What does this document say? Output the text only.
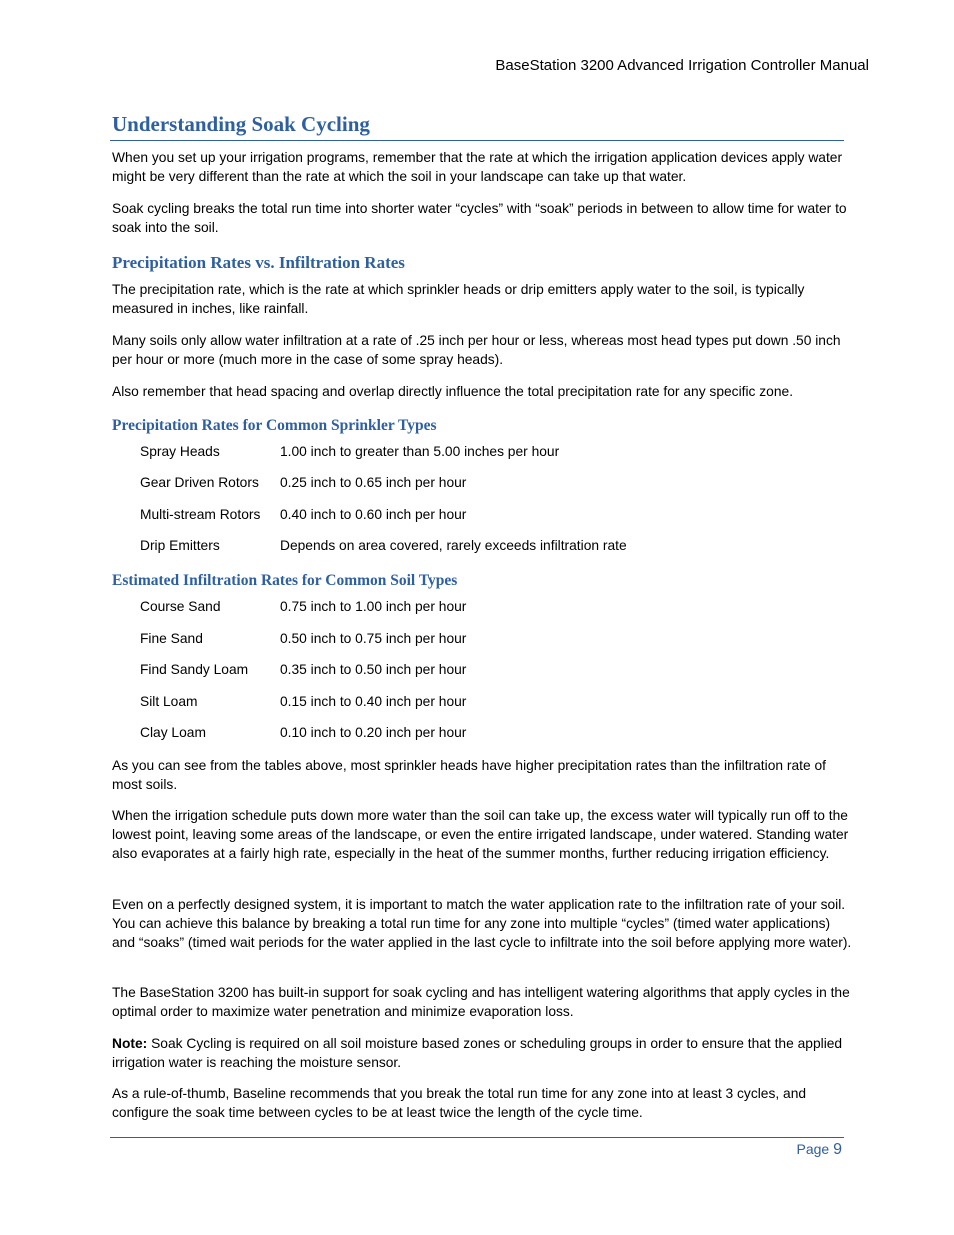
BaseStation 3200 Advanced Irrigation Controller Manual
Understanding Soak Cycling
When you set up your irrigation programs, remember that the rate at which the irrigation application devices apply water might be very different than the rate at which the soil in your landscape can take up that water.
Soak cycling breaks the total run time into shorter water “cycles” with “soak” periods in between to allow time for water to soak into the soil.
Precipitation Rates vs. Infiltration Rates
The precipitation rate, which is the rate at which sprinkler heads or drip emitters apply water to the soil, is typically measured in inches, like rainfall.
Many soils only allow water infiltration at a rate of .25 inch per hour or less, whereas most head types put down .50 inch per hour or more (much more in the case of some spray heads).
Also remember that head spacing and overlap directly influence the total precipitation rate for any specific zone.
Precipitation Rates for Common Sprinkler Types
Spray Heads	1.00 inch to greater than 5.00 inches per hour
Gear Driven Rotors 0.25 inch to 0.65 inch per hour
Multi-stream Rotors 0.40 inch to 0.60 inch per hour
Drip Emitters	Depends on area covered, rarely exceeds infiltration rate
Estimated Infiltration Rates for Common Soil Types
Course Sand	0.75 inch to 1.00 inch per hour
Fine Sand	0.50 inch to 0.75 inch per hour
Find Sandy Loam 0.35 inch to 0.50 inch per hour
Silt Loam	0.15 inch to 0.40 inch per hour
Clay Loam	0.10 inch to 0.20 inch per hour
As you can see from the tables above, most sprinkler heads have higher precipitation rates than the infiltration rate of most soils.
When the irrigation schedule puts down more water than the soil can take up, the excess water will typically run off to the lowest point, leaving some areas of the landscape, or even the entire irrigated landscape, under watered. Standing water also evaporates at a fairly high rate, especially in the heat of the summer months, further reducing irrigation efficiency.
Even on a perfectly designed system, it is important to match the water application rate to the infiltration rate of your soil. You can achieve this balance by breaking a total run time for any zone into multiple “cycles” (timed water applications) and “soaks” (timed wait periods for the water applied in the last cycle to infiltrate into the soil before applying more water).
The BaseStation 3200 has built-in support for soak cycling and has intelligent watering algorithms that apply cycles in the optimal order to maximize water penetration and minimize evaporation loss.
Note: Soak Cycling is required on all soil moisture based zones or scheduling groups in order to ensure that the applied irrigation water is reaching the moisture sensor.
As a rule-of-thumb, Baseline recommends that you break the total run time for any zone into at least 3 cycles, and configure the soak time between cycles to be at least twice the length of the cycle time.
Page 9
